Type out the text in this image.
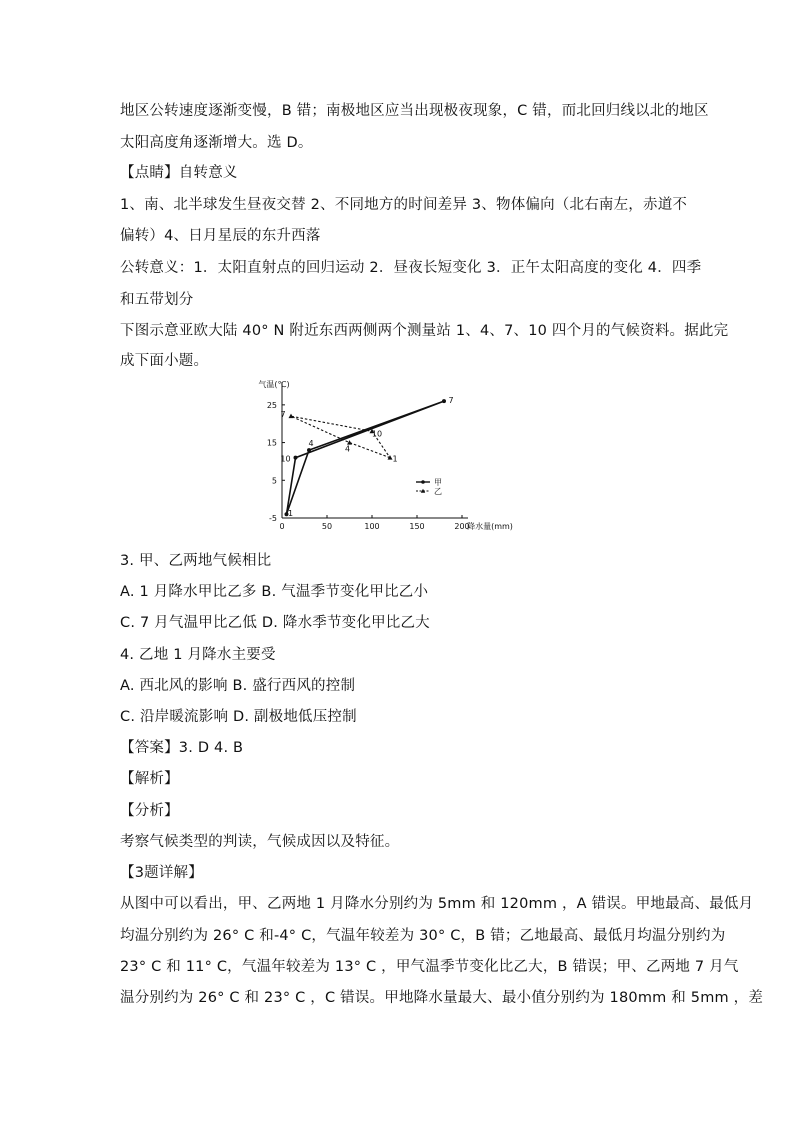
地区公转速度逐渐变慢，B 错；南极地区应当出现极夜现象，C 错，而北回归线以北的地区
太阳高度角逐渐增大。选 D。
【点睛】自转意义
1、南、北半球发生昼夜交替 2、不同地方的时间差异 3、物体偏向（北右南左，赤道不
偏转）4、日月星辰的东升西落
公转意义：1．太阳直射点的回归运动 2．昼夜长短变化 3．正午太阳高度的变化 4．四季
和五带划分
下图示意亚欧大陆 40° N 附近东西两侧两个测量站 1、4、7、10 四个月的气候资料。据此完
成下面小题。
气温(℃)
降水量(mm)
-5
5
15
25
0	50	100	150	200
1
4
7
10	1
4
7
10
甲
乙
3. 甲、乙两地气候相比
A. 1 月降水甲比乙多 B. 气温季节变化甲比乙小
C. 7 月气温甲比乙低 D. 降水季节变化甲比乙大
4. 乙地 1 月降水主要受
A. 西北风的影响 B. 盛行西风的控制
C. 沿岸暖流影响 D. 副极地低压控制
【答案】3. D 4. B
【解析】
【分析】
考察气候类型的判读，气候成因以及特征。
【3题详解】
从图中可以看出，甲、乙两地 1 月降水分别约为 5mm 和 120mm ，A 错误。甲地最高、最低月
均温分别约为 26° C 和-4° C，气温年较差为 30° C，B 错；乙地最高、最低月均温分别约为
23° C 和 11° C，气温年较差为 13° C ，甲气温季节变化比乙大，B 错误；甲、乙两地 7 月气
温分别约为 26° C 和 23° C ，C 错误。甲地降水量最大、最小值分别约为 180mm 和 5mm ，差
